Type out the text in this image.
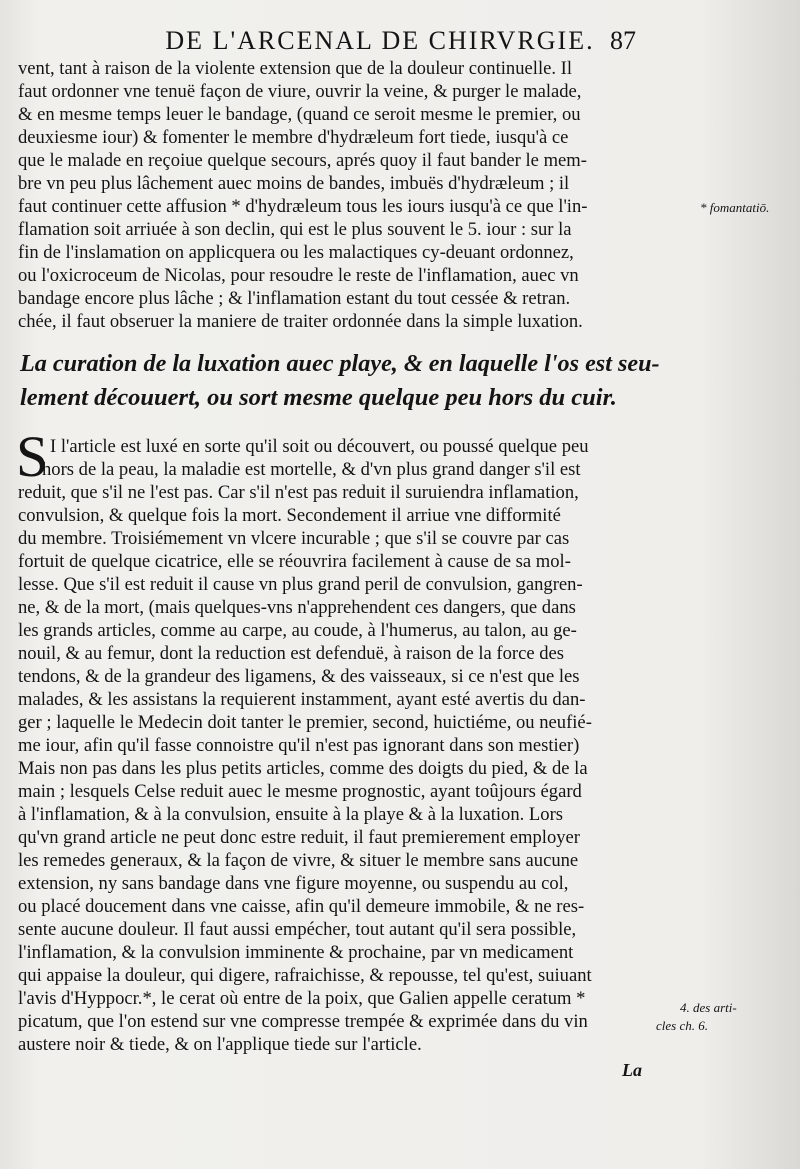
DE L'ARCENAL DE CHIRVRGIE. 87
vent, tant à raison de la violente extension que de la douleur continuelle. Il
faut ordonner vne tenuë façon de viure, ouvrir la veine, & purger le malade,
& en mesme temps leuer le bandage, (quand ce seroit mesme le premier, ou
deuxiesme iour) & fomenter le membre d'hydræleum fort tiede, iusqu'à ce
que le malade en reçoiue quelque secours, aprés quoy il faut bander le mem-
bre vn peu plus lâchement auec moins de bandes, imbuës d'hydræleum ; il
faut continuer cette affusion * d'hydræleum tous les iours iusqu'à ce que l'in-
flamation soit arriuée à son declin, qui est le plus souvent le 5. iour : sur la
fin de l'inslamation on applicquera ou les malactiques cy-deuant ordonnez,
ou l'oxicroceum de Nicolas, pour resoudre le reste de l'inflamation, auec vn
bandage encore plus lâche ; & l'inflamation estant du tout cessée & retran.
chée, il faut obseruer la maniere de traiter ordonnée dans la simple luxation.
La curation de la luxation auec playe, & en laquelle l'os est seu-
lement découuert, ou sort mesme quelque peu hors du cuir.
S I l'article est luxé en sorte qu'il soit ou découvert, ou poussé quelque peu
hors de la peau, la maladie est mortelle, & d'vn plus grand danger s'il est
reduit, que s'il ne l'est pas. Car s'il n'est pas reduit il suruiendra inflamation,
convulsion, & quelque fois la mort. Secondement il arriue vne difformité
du membre. Troisiémement vn vlcere incurable ; que s'il se couvre par cas
fortuit de quelque cicatrice, elle se réouvrira facilement à cause de sa mol-
lesse. Que s'il est reduit il cause vn plus grand peril de convulsion, gangren-
ne, & de la mort, (mais quelques-vns n'apprehendent ces dangers, que dans
les grands articles, comme au carpe, au coude, à l'humerus, au talon, au ge-
nouil, & au femur, dont la reduction est defenduë, à raison de la force des
tendons, & de la grandeur des ligamens, & des vaisseaux, si ce n'est que les
malades, & les assistans la requierent instamment, ayant esté avertis du dan-
ger ; laquelle le Medecin doit tanter le premier, second, huictiéme, ou neufié-
me iour, afin qu'il fasse connoistre qu'il n'est pas ignorant dans son mestier)
Mais non pas dans les plus petits articles, comme des doigts du pied, & de la
main ; lesquels Celse reduit auec le mesme prognostic, ayant toûjours égard
à l'inflamation, & à la convulsion, ensuite à la playe & à la luxation. Lors
qu'vn grand article ne peut donc estre reduit, il faut premierement employer
les remedes generaux, & la façon de vivre, & situer le membre sans aucune
extension, ny sans bandage dans vne figure moyenne, ou suspendu au col,
ou placé doucement dans vne caisse, afin qu'il demeure immobile, & ne res-
sente aucune douleur. Il faut aussi empécher, tout autant qu'il sera possible,
l'inflamation, & la convulsion imminente & prochaine, par vn medicament
qui appaise la douleur, qui digere, rafraichisse, & repousse, tel qu'est, suiuant
l'avis d'Hyppocr.*, le cerat où entre de la poix, que Galien appelle ceratum *
picatum, que l'on estend sur vne compresse trempée & exprimée dans du vin
austere noir & tiede, & on l'applique tiede sur l'article.
* fomantatiō.
4. des arti-
cles ch. 6.
La
